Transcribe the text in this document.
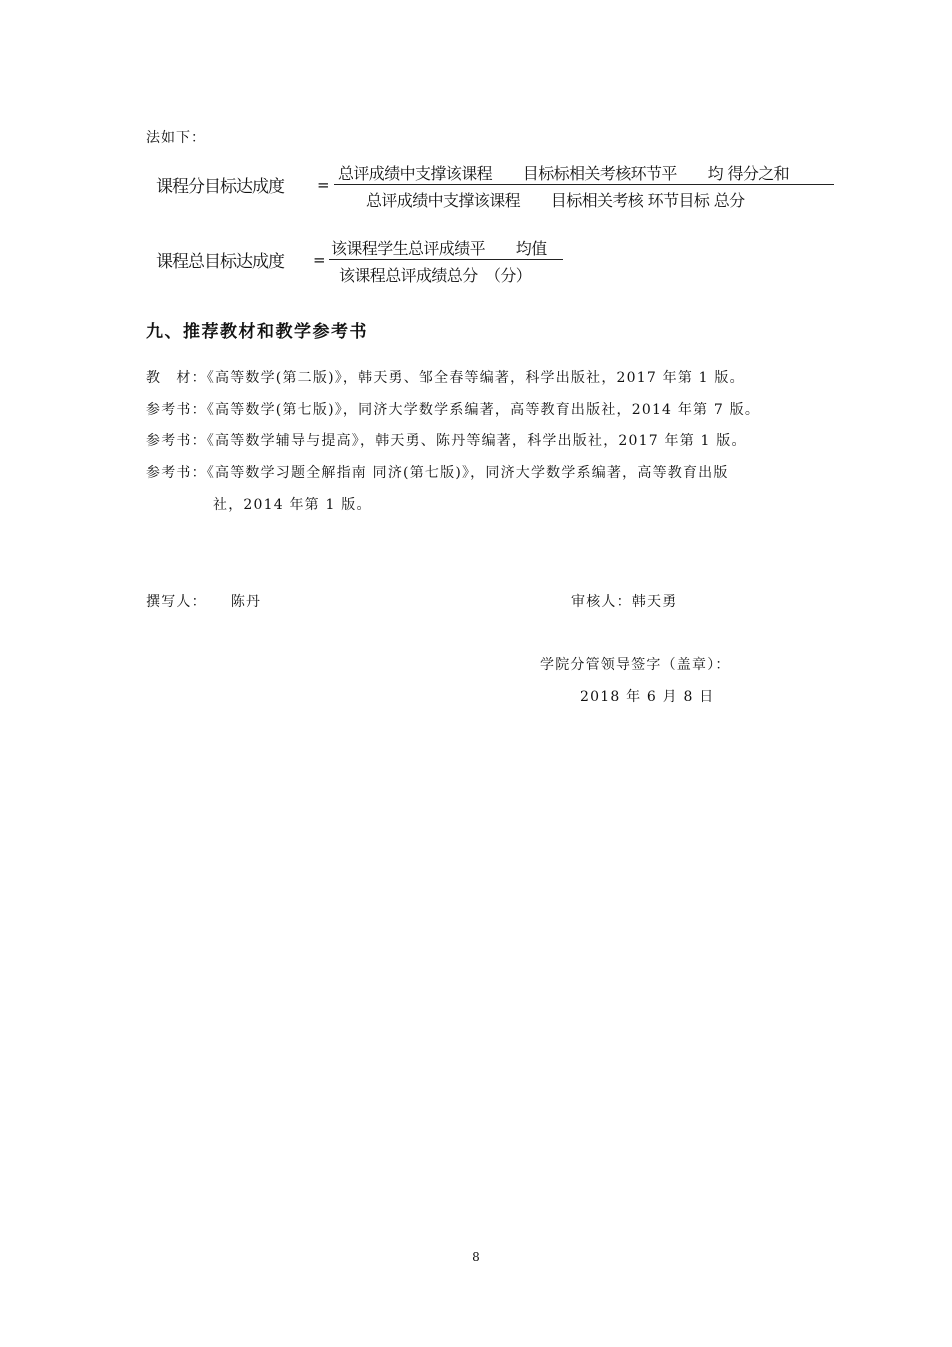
法如下：
课程分目标达成度 =
总评成绩中支撑该课程　　目标标相关考核环节平　　均 得分之和
总评成绩中支撑该课程　　目标相关考核 环节目标 总分
课程总目标达成度 =
该课程学生总评成绩平　　均值
该课程总评成绩总分　（分）
九、推荐教材和教学参考书
教　材：《高等数学(第二版)》，韩天勇、邹全春等编著，科学出版社，2017 年第 1 版。
参考书：《高等数学(第七版)》，同济大学数学系编著，高等教育出版社，2014 年第 7 版。
参考书：《高等数学辅导与提高》，韩天勇、陈丹等编著，科学出版社，2017 年第 1 版。
参考书：《高等数学习题全解指南 同济(第七版)》，同济大学数学系编著，高等教育出版
社，2014 年第 1 版。
撰写人： 陈丹	审核人：韩天勇
学院分管领导签字（盖章）：
2018 年 6 月 8 日
8
